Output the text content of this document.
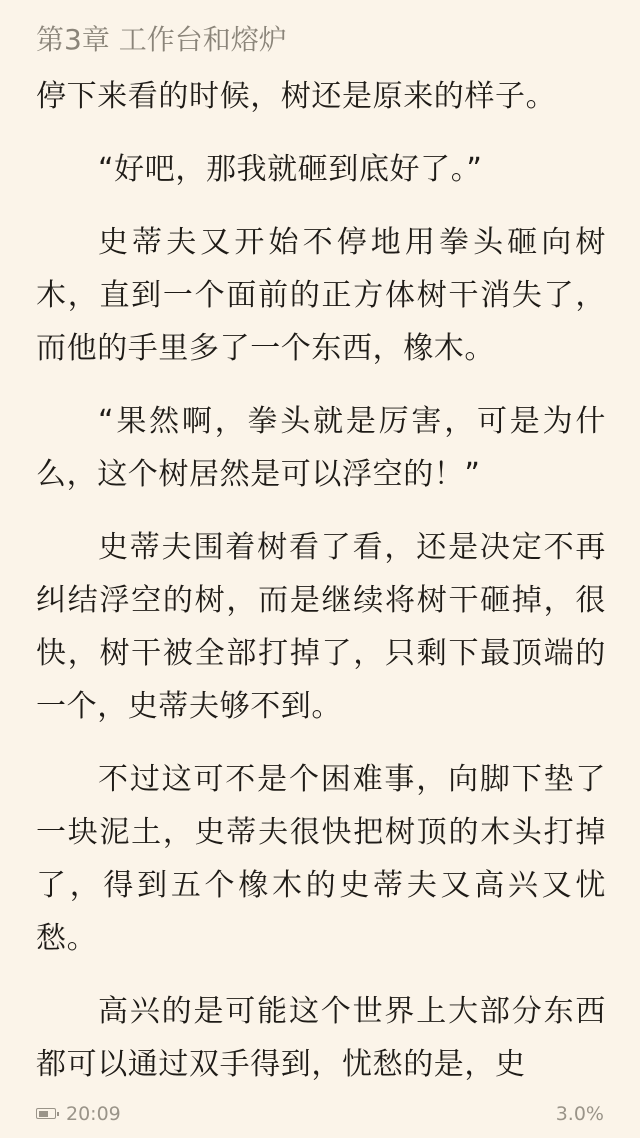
第3章 工作台和熔炉

停下来看的时候，树还是原来的样子。

“好吧，那我就砸到底好了。”

史蒂夫又开始不停地用拳头砸向树木，直到一个面前的正方体树干消失了，而他的手里多了一个东西，橡木。

“果然啊，拳头就是厉害，可是为什么，这个树居然是可以浮空的！”

史蒂夫围着树看了看，还是决定不再纠结浮空的树，而是继续将树干砸掉，很快，树干被全部打掉了，只剩下最顶端的一个，史蒂夫够不到。

不过这可不是个困难事，向脚下垫了一块泥土，史蒂夫很快把树顶的木头打掉了，得到五个橡木的史蒂夫又高兴又忧愁。

高兴的是可能这个世界上大部分东西都可以通过双手得到，忧愁的是，史

20:09	3.0%
